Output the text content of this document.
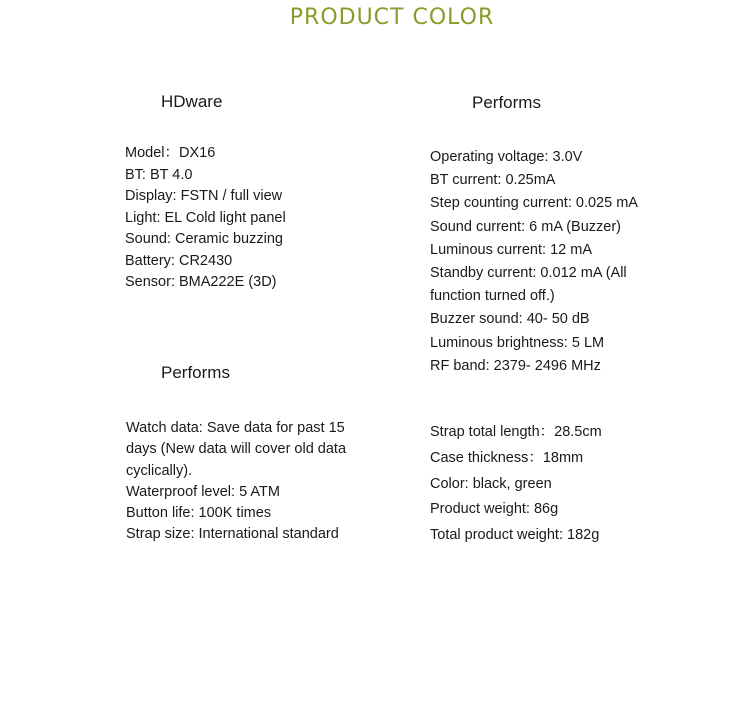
PRODUCT COLOR
HDware
Model：DX16
BT: BT 4.0
Display: FSTN / full view
Light: EL Cold light panel
Sound: Ceramic buzzing
Battery: CR2430
Sensor: BMA222E (3D)
Performs
Operating voltage: 3.0V
BT current: 0.25mA
Step counting current: 0.025 mA
Sound current: 6 mA (Buzzer)
Luminous current: 12 mA
Standby current: 0.012 mA (All
function turned off.)
Buzzer sound: 40- 50 dB
Luminous brightness: 5 LM
RF band: 2379- 2496 MHz
Performs
Watch data: Save data for past 15
days (New data will cover old data
cyclically).
Waterproof level: 5 ATM
Button life: 100K times
Strap size: International standard
Strap total length：28.5cm
Case thickness：18mm
Color: black, green
Product weight: 86g
Total product weight: 182g
